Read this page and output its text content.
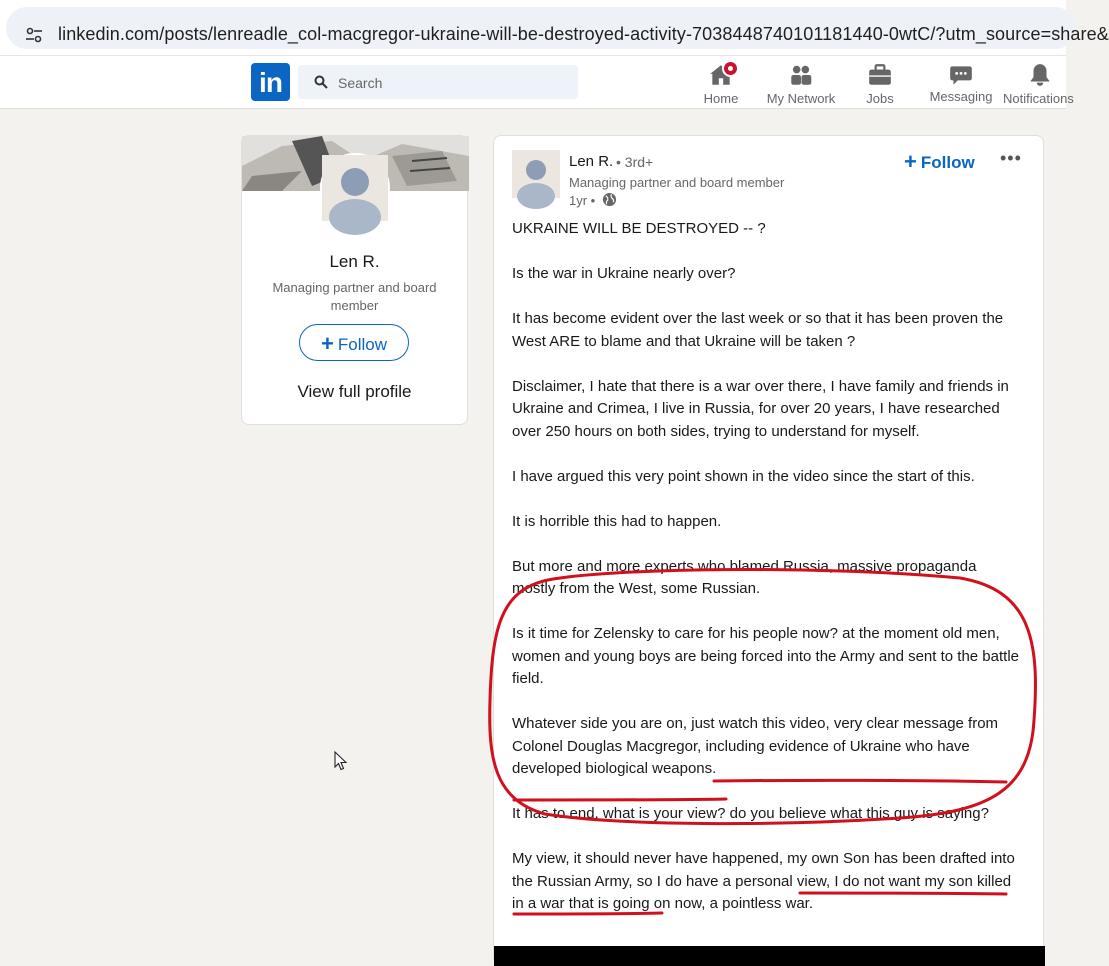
linkedin.com/posts/lenreadle_col-macgregor-ukraine-will-be-destroyed-activity-7038448740101181440-0wtC/?utm_source=share&
in	Search
Home	My Network	Jobs	Messaging Notifications
Len R.
Managing partner and board member
+ Follow
View full profile
Len R. • 3rd+
Managing partner and board member
1yr •
+ Follow •••

UKRAINE WILL BE DESTROYED -- ?

Is the war in Ukraine nearly over?

It has become evident over the last week or so that it has been proven the West ARE to blame and that Ukraine will be taken ?

Disclaimer, I hate that there is a war over there, I have family and friends in Ukraine and Crimea, I live in Russia, for over 20 years, I have researched over 250 hours on both sides, trying to understand for myself.

I have argued this very point shown in the video since the start of this.

It is horrible this had to happen.

But more and more experts who blamed Russia, massive propaganda mostly from the West, some Russian.

Is it time for Zelensky to care for his people now? at the moment old men, women and young boys are being forced into the Army and sent to the battle field.

Whatever side you are on, just watch this video, very clear message from Colonel Douglas Macgregor, including evidence of Ukraine who have developed biological weapons.

It has to end, what is your view? do you believe what this guy is saying?

My view, it should never have happened, my own Son has been drafted into the Russian Army, so I do have a personal view, I do not want my son killed in a war that is going on now, a pointless war.
